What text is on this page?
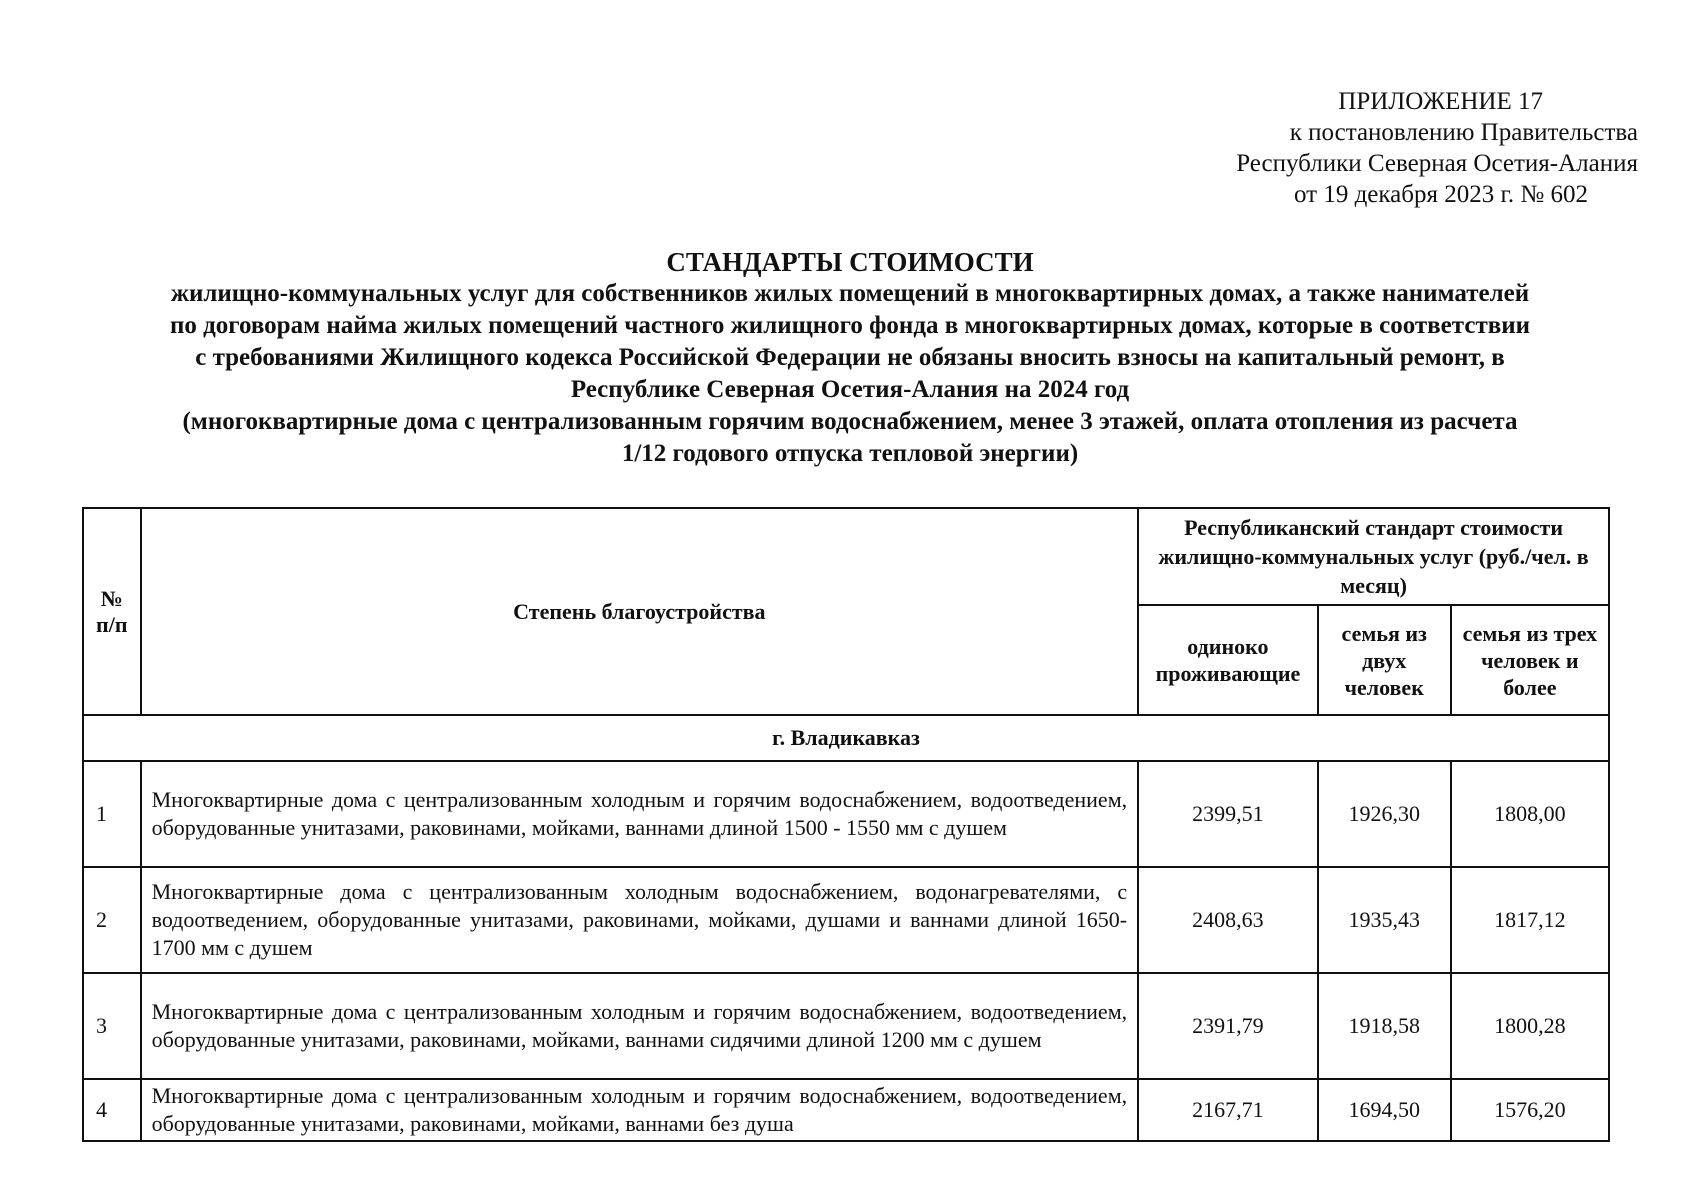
ПРИЛОЖЕНИЕ 17
к постановлению Правительства
Республики Северная Осетия-Алания
от 19 декабря 2023 г. № 602
СТАНДАРТЫ СТОИМОСТИ
жилищно-коммунальных услуг для собственников жилых помещений в многоквартирных домах, а также нанимателей
по договорам найма жилых помещений частного жилищного фонда в многоквартирных домах, которые в соответствии
с требованиями Жилищного кодекса Российской Федерации не обязаны вносить взносы на капитальный ремонт, в
Республике Северная Осетия-Алания на 2024 год
(многоквартирные дома с централизованным горячим водоснабжением, менее 3 этажей, оплата отопления из расчета
1/12 годового отпуска тепловой энергии)
№ п/п	Степень благоустройства	Республиканский стандарт стоимости жилищно-коммунальных услуг (руб./чел. в месяц)		
		одиноко проживающие	семья из двух человек	семья из трех человек и более
г. Владикавказ				
1	Многоквартирные дома с централизованным холодным и горячим водоснабжением, водоотведением, оборудованные унитазами, раковинами, мойками, ваннами длиной 1500 - 1550 мм с душем	2399,51	1926,30	1808,00
2	Многоквартирные дома с централизованным холодным водоснабжением, водонагревателями, с водоотведением, оборудованные унитазами, раковинами, мойками, душами и ваннами длиной 1650-1700 мм с душем	2408,63	1935,43	1817,12
3	Многоквартирные дома с централизованным холодным и горячим водоснабжением, водоотведением, оборудованные унитазами, раковинами, мойками, ваннами сидячими длиной 1200 мм с душем	2391,79	1918,58	1800,28
4	Многоквартирные дома с централизованным холодным и горячим водоснабжением, водоотведением, оборудованные унитазами, раковинами, мойками, ваннами без душа	2167,71	1694,50	1576,20
